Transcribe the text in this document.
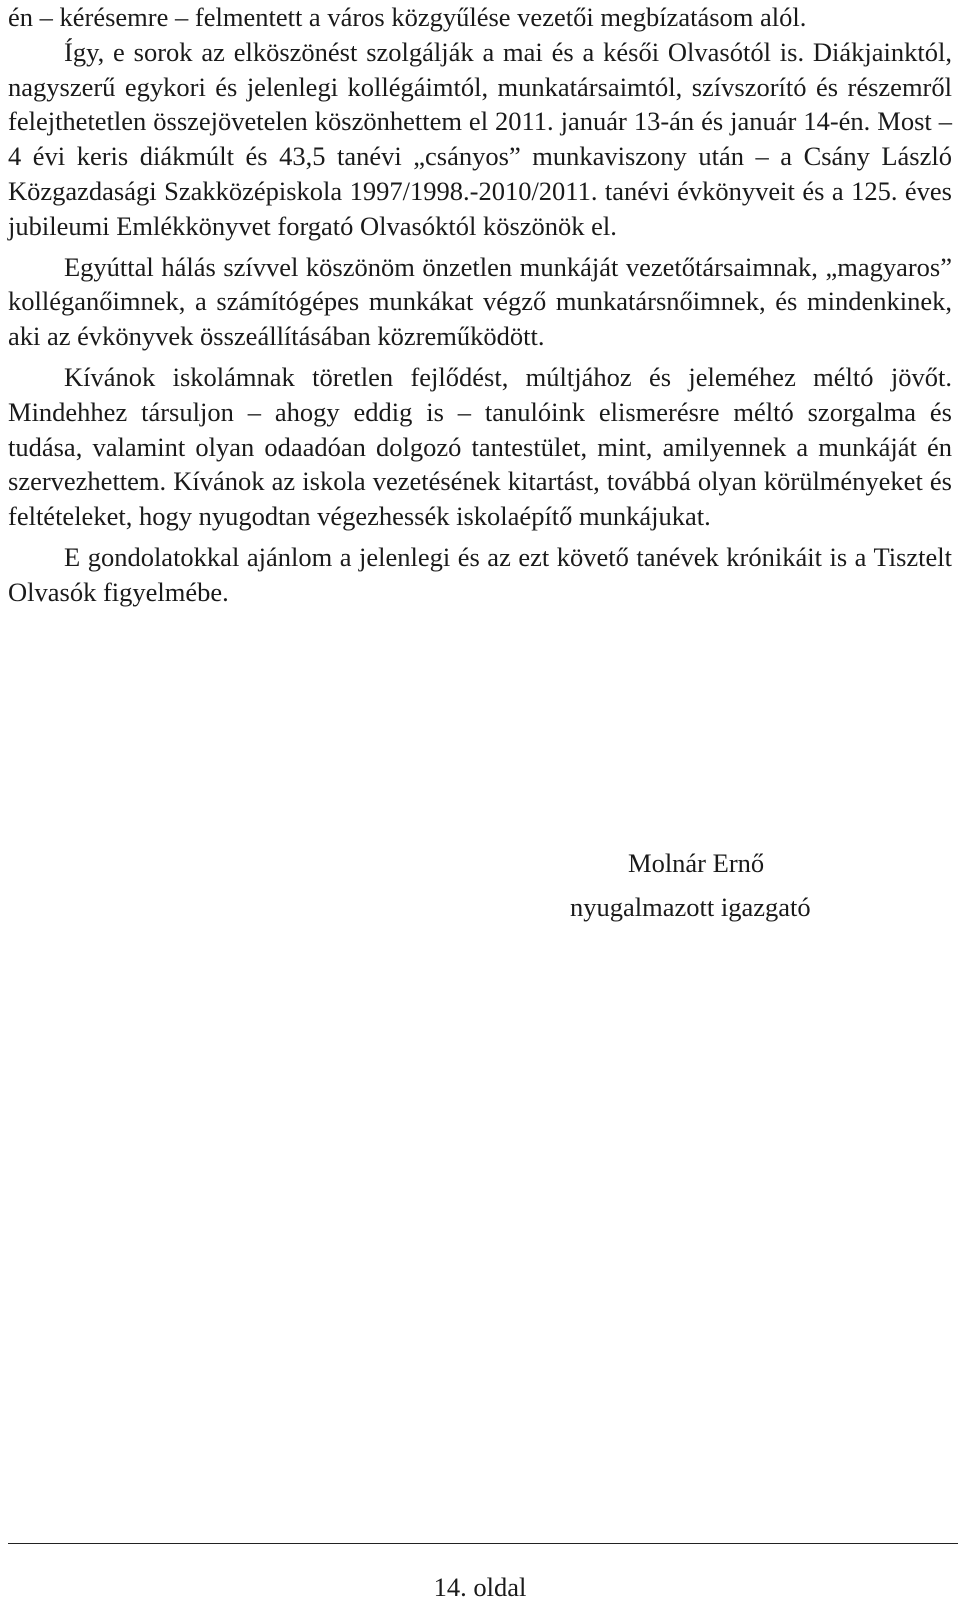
én – kérésemre – felmentett a város közgyűlése vezetői megbízatásom alól.

Így, e sorok az elköszönést szolgálják a mai és a késői Olvasótól is. Diákjainktól, nagyszerű egykori és jelenlegi kollégáimtól, munkatársaimtól, szívszorító és részemről felejthetetlen összejövetelen köszönhettem el 2011. január 13-án és január 14-én. Most – 4 évi keris diákmúlt és 43,5 tanévi „csányos” munkaviszony után – a Csány László Közgazdasági Szakközépiskola 1997/1998.-2010/2011. tanévi évkönyveit és a 125. éves jubileumi Emlékkönyvet forgató Olvasóktól köszönök el.

Egyúttal hálás szívvel köszönöm önzetlen munkáját vezetőtársaimnak, „magyaros” kolléganőimnek, a számítógépes munkákat végző munkatársnőimnek, és mindenkinek, aki az évkönyvek összeállításában közreműködött.

Kívánok iskolámnak töretlen fejlődést, múltjához és jeleméhez méltó jövőt. Mindehhez társuljon – ahogy eddig is – tanulóink elismerésre méltó szorgalma és tudása, valamint olyan odaadóan dolgozó tantestület, mint, amilyennek a munkáját én szervezhettem. Kívánok az iskola vezetésének kitartást, továbbá olyan körülményeket és feltételeket, hogy nyugodtan végezhessék iskolaépítő munkájukat.

E gondolatokkal ajánlom a jelenlegi és az ezt követő tanévek krónikáit is a Tisztelt Olvasók figyelmébe.

Molnár Ernő
nyugalmazott igazgató
14. oldal
